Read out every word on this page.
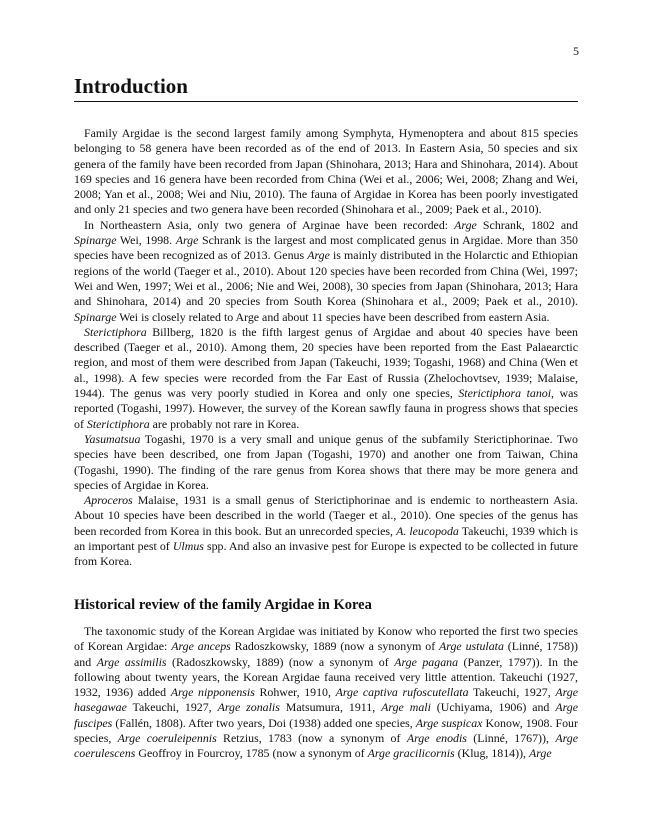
5
Introduction

Family Argidae is the second largest family among Symphyta, Hymenoptera and about 815 species belonging to 58 genera have been recorded as of the end of 2013. In Eastern Asia, 50 species and six genera of the family have been recorded from Japan (Shinohara, 2013; Hara and Shinohara, 2014). About 169 species and 16 genera have been recorded from China (Wei et al., 2006; Wei, 2008; Zhang and Wei, 2008; Yan et al., 2008; Wei and Niu, 2010). The fauna of Argidae in Korea has been poorly investigated and only 21 species and two genera have been recorded (Shinohara et al., 2009; Paek et al., 2010).

In Northeastern Asia, only two genera of Arginae have been recorded: Arge Schrank, 1802 and Spinarge Wei, 1998. Arge Schrank is the largest and most complicated genus in Argidae. More than 350 species have been recognized as of 2013. Genus Arge is mainly distributed in the Holarctic and Ethiopian regions of the world (Taeger et al., 2010). About 120 species have been recorded from China (Wei, 1997; Wei and Wen, 1997; Wei et al., 2006; Nie and Wei, 2008), 30 species from Japan (Shinohara, 2013; Hara and Shinohara, 2014) and 20 species from South Korea (Shinohara et al., 2009; Paek et al., 2010). Spinarge Wei is closely related to Arge and about 11 species have been described from eastern Asia.

Sterictiphora Billberg, 1820 is the fifth largest genus of Argidae and about 40 species have been described (Taeger et al., 2010). Among them, 20 species have been reported from the East Palaearctic region, and most of them were described from Japan (Takeuchi, 1939; Togashi, 1968) and China (Wen et al., 1998). A few species were recorded from the Far East of Russia (Zhelochovtsev, 1939; Malaise, 1944). The genus was very poorly studied in Korea and only one species, Sterictiphora tanoi, was reported (Togashi, 1997). However, the survey of the Korean sawfly fauna in progress shows that species of Sterictiphora are probably not rare in Korea.

Yasumatsua Togashi, 1970 is a very small and unique genus of the subfamily Sterictiphorinae. Two species have been described, one from Japan (Togashi, 1970) and another one from Taiwan, China (Togashi, 1990). The finding of the rare genus from Korea shows that there may be more genera and species of Argidae in Korea.

Aproceros Malaise, 1931 is a small genus of Sterictiphorinae and is endemic to northeastern Asia. About 10 species have been described in the world (Taeger et al., 2010). One species of the genus has been recorded from Korea in this book. But an unrecorded species, A. leucopoda Takeuchi, 1939 which is an important pest of Ulmus spp. And also an invasive pest for Europe is expected to be collected in future from Korea.

Historical review of the family Argidae in Korea

The taxonomic study of the Korean Argidae was initiated by Konow who reported the first two species of Korean Argidae: Arge anceps Radoszkowsky, 1889 (now a synonym of Arge ustulata (Linné, 1758)) and Arge assimilis (Radoszkowsky, 1889) (now a synonym of Arge pagana (Panzer, 1797)). In the following about twenty years, the Korean Argidae fauna received very little attention. Takeuchi (1927, 1932, 1936) added Arge nipponensis Rohwer, 1910, Arge captiva rufoscutellata Takeuchi, 1927, Arge hasegawae Takeuchi, 1927, Arge zonalis Matsumura, 1911, Arge mali (Uchiyama, 1906) and Arge fuscipes (Fallén, 1808). After two years, Doi (1938) added one species, Arge suspicax Konow, 1908. Four species, Arge coeruleipennis Retzius, 1783 (now a synonym of Arge enodis (Linné, 1767)), Arge coerulescens Geoffroy in Fourcroy, 1785 (now a synonym of Arge gracilicornis (Klug, 1814)), Arge
